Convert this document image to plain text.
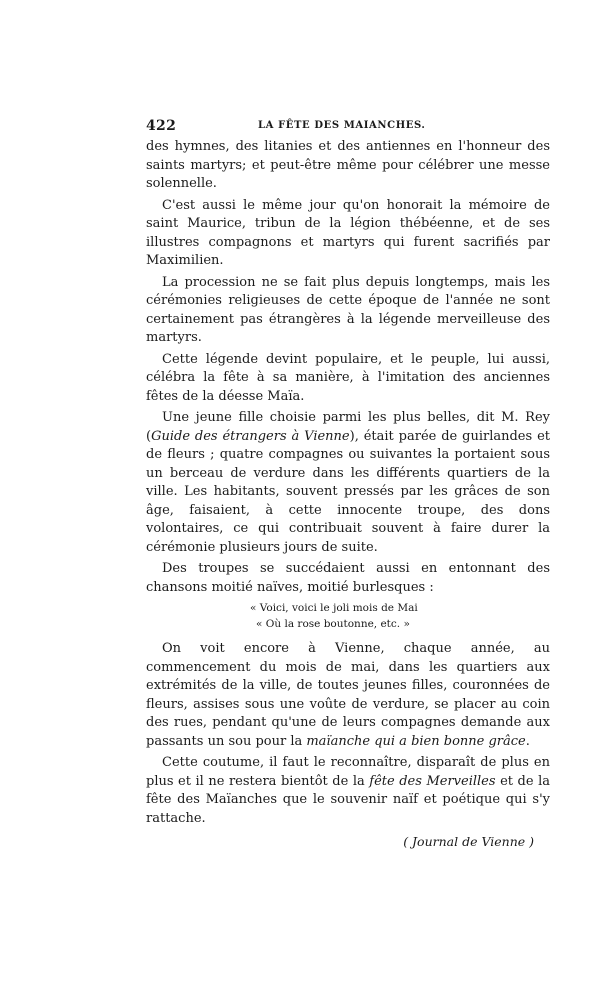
422	LA FÊTE DES MAIANCHES.

des hymnes, des litanies et des antiennes en l'honneur des saints martyrs; et peut-être même pour célébrer une messe solennelle.

C'est aussi le même jour qu'on honorait la mémoire de saint Maurice, tribun de la légion thébéenne, et de ses illustres compagnons et martyrs qui furent sacrifiés par Maximilien.

La procession ne se fait plus depuis longtemps, mais les cérémonies religieuses de cette époque de l'année ne sont certainement pas étrangères à la légende merveilleuse des martyrs.

Cette légende devint populaire, et le peuple, lui aussi, célébra la fête à sa manière, à l'imitation des anciennes fêtes de la déesse Maïa.

Une jeune fille choisie parmi les plus belles, dit M. Rey (Guide des étrangers à Vienne), était parée de guirlandes et de fleurs ; quatre compagnes ou suivantes la portaient sous un berceau de verdure dans les différents quartiers de la ville. Les habitants, souvent pressés par les grâces de son âge, faisaient, à cette innocente troupe, des dons volontaires, ce qui contribuait souvent à faire durer la cérémonie plusieurs jours de suite.

Des troupes se succédaient aussi en entonnant des chansons moitié naïves, moitié burlesques :

« Voici, voici le joli mois de Mai
« Où la rose boutonne, etc. »

On voit encore à Vienne, chaque année, au commencement du mois de mai, dans les quartiers aux extrémités de la ville, de toutes jeunes filles, couronnées de fleurs, assises sous une voûte de verdure, se placer au coin des rues, pendant qu'une de leurs compagnes demande aux passants un sou pour la maïanche qui a bien bonne grâce.

Cette coutume, il faut le reconnaître, disparaît de plus en plus et il ne restera bientôt de la fête des Merveilles et de la fête des Maïanches que le souvenir naïf et poétique qui s'y rattache.

( Journal de Vienne )
